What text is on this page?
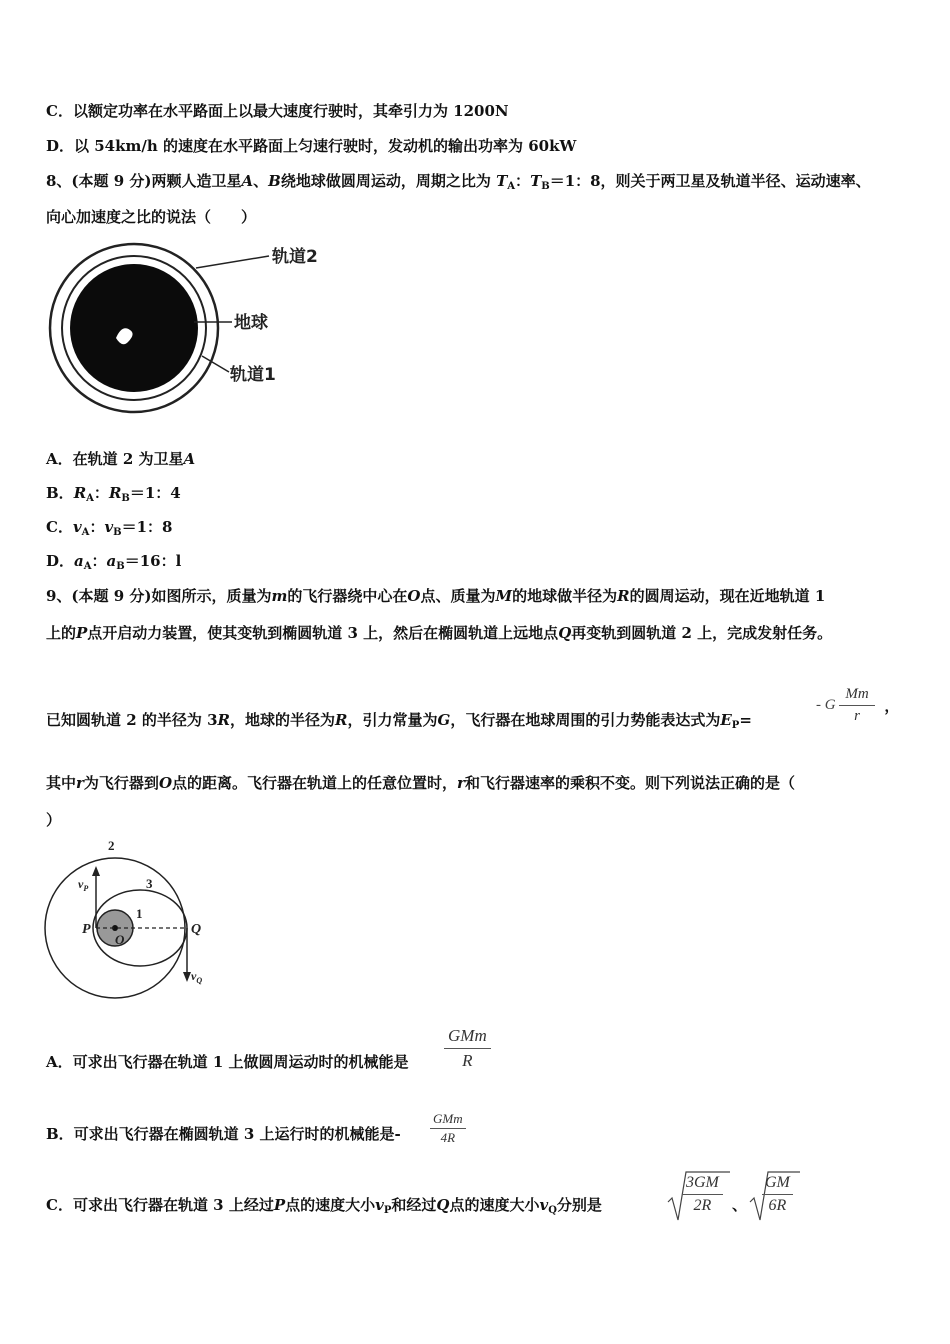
C．以额定功率在水平路面上以最大速度行驶时，其牵引力为 1200N
D．以 54km/h 的速度在水平路面上匀速行驶时，发动机的输出功率为 60kW
8、(本题 9 分)两颗人造卫星A、B绕地球做圆周运动，周期之比为 $T_A$：$T_B=1$：8，则关于两卫星及轨道半径、运动速率、
向心加速度之比的说法（　　）
轨道2
地球
轨道1
A．在轨道 2 为卫星A
B．$R_A$：$R_B=1$：4
C．$v_A$：$v_B=1$：8
D．$a_A$：$a_B=16$：l
9、(本题 9 分)如图所示，质量为m的飞行器绕中心在O点、质量为M的地球做半径为R的圆周运动，现在近地轨道 1
上的P点开启动力装置，使其变轨到椭圆轨道 3 上，然后在椭圆轨道上远地点Q再变轨到圆轨道 2 上，完成发射任务。
已知圆轨道 2 的半径为 3R，地球的半径为R，引力常量为G，飞行器在地球周围的引力势能表达式为$E_P=$
- G $\frac{Mm}{r}$ ，
其中r为飞行器到O点的距离。飞行器在轨道上的任意位置时，r和飞行器速率的乘积不变。则下列说法正确的是（
）
2
3
1
P
O
Q
$v_P$
$v_Q$
A．可求出飞行器在轨道 1 上做圆周运动时的机械能是
GMm
R
B．可求出飞行器在椭圆轨道 3 上运行时的机械能是-
GMm
4R
C．可求出飞行器在轨道 3 上经过P点的速度大小$v_P$和经过Q点的速度大小$v_Q$分别是	$\frac{3GM}{2R}$ 、 $\frac{GM}{6R}$
